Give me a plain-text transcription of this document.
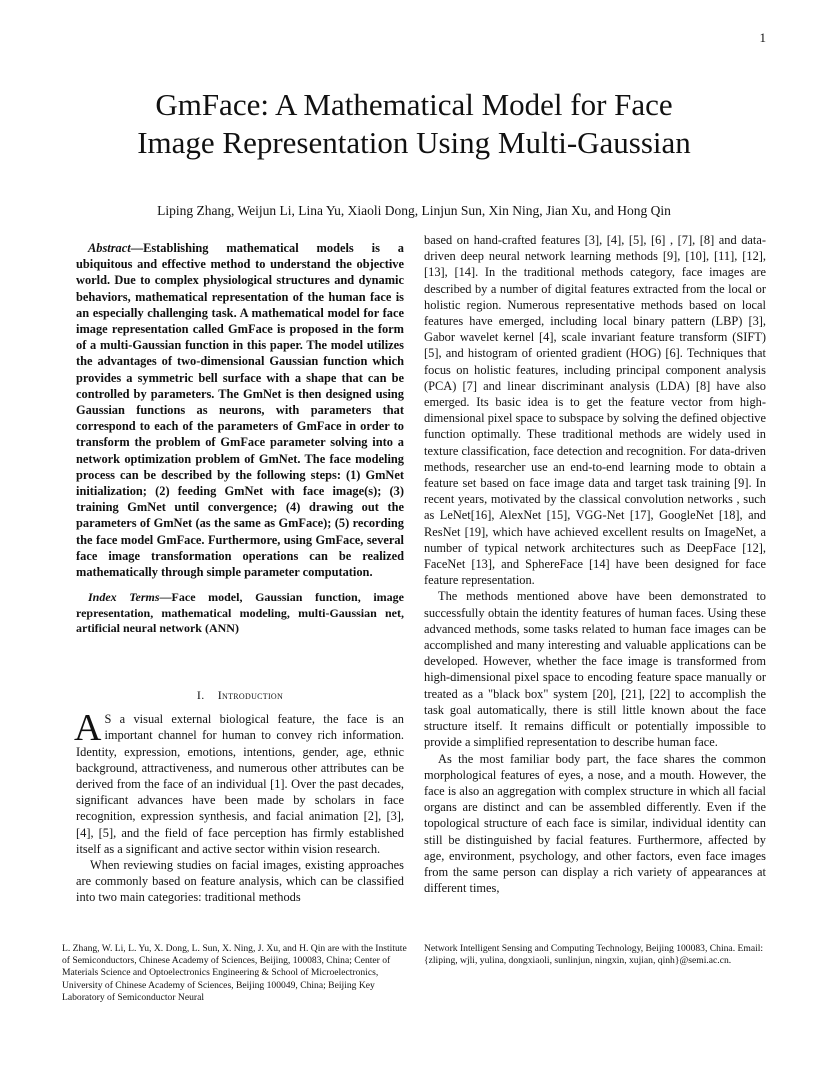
1
GmFace: A Mathematical Model for Face
Image Representation Using Multi-Gaussian
Liping Zhang, Weijun Li, Lina Yu, Xiaoli Dong, Linjun Sun, Xin Ning, Jian Xu, and Hong Qin

Abstract—Establishing mathematical models is a ubiquitous and effective method to understand the objective world. Due to complex physiological structures and dynamic behaviors, mathematical representation of the human face is an especially challenging task. A mathematical model for face image representation called GmFace is proposed in the form of a multi-Gaussian function in this paper. The model utilizes the advantages of two-dimensional Gaussian function which provides a symmetric bell surface with a shape that can be controlled by parameters. The GmNet is then designed using Gaussian functions as neurons, with parameters that correspond to each of the parameters of GmFace in order to transform the problem of GmFace parameter solving into a network optimization problem of GmNet. The face modeling process can be described by the following steps: (1) GmNet initialization; (2) feeding GmNet with face image(s); (3) training GmNet until convergence; (4) drawing out the parameters of GmNet (as the same as GmFace); (5) recording the face model GmFace. Furthermore, using GmFace, several face image transformation operations can be realized mathematically through simple parameter computation.

Index Terms—Face model, Gaussian function, image representation, mathematical modeling, multi-Gaussian net, artificial neural network (ANN)

I. Introduction

A S a visual external biological feature, the face is an important channel for human to convey rich information. Identity, expression, emotions, intentions, gender, age, ethnic background, attractiveness, and numerous other attributes can be derived from the face of an individual [1]. Over the past decades, significant advances have been made by scholars in face recognition, expression synthesis, and facial animation [2], [3], [4], [5], and the field of face perception has firmly established itself as a significant and active sector within vision research.

When reviewing studies on facial images, existing approaches are commonly based on feature analysis, which can be classified into two main categories: traditional methods

based on hand-crafted features [3], [4], [5], [6] , [7], [8] and data-driven deep neural network learning methods [9], [10], [11], [12], [13], [14]. In the traditional methods category, face images are described by a number of digital features extracted from the local or holistic region. Numerous representative methods based on local features have emerged, including local binary pattern (LBP) [3], Gabor wavelet kernel [4], scale invariant feature transform (SIFT) [5], and histogram of oriented gradient (HOG) [6]. Techniques that focus on holistic features, including principal component analysis (PCA) [7] and linear discriminant analysis (LDA) [8] have also emerged. Its basic idea is to get the feature vector from high-dimensional pixel space to subspace by solving the defined objective function optimally. These traditional methods are widely used in texture classification, face detection and recognition. For data-driven methods, researcher use an end-to-end learning mode to obtain a feature set based on face image data and target task training [9]. In recent years, motivated by the classical convolution networks , such as LeNet[16], AlexNet [15], VGG-Net [17], GoogleNet [18], and ResNet [19], which have achieved excellent results on ImageNet, a number of typical network architectures such as DeepFace [12], FaceNet [13], and SphereFace [14] have been designed for face feature representation.

The methods mentioned above have been demonstrated to successfully obtain the identity features of human faces. Using these advanced methods, some tasks related to human face images can be accomplished and many interesting and valuable applications can be developed. However, whether the face image is transformed from high-dimensional pixel space to encoding feature space manually or treated as a "black box" system [20], [21], [22] to accomplish the task goal automatically, there is still little known about the face structure itself. It remains difficult or potentially impossible to provide a simplified representation to describe human face.

As the most familiar body part, the face shares the common morphological features of eyes, a nose, and a mouth. However, the face is also an aggregation with complex structure in which all facial organs are distinct and can be assembled differently. Even if the topological structure of each face is similar, individual identity can still be distinguished by facial features. Furthermore, affected by age, environment, psychology, and other factors, even face images from the same person can display a rich variety of appearances at different times,

L. Zhang, W. Li, L. Yu, X. Dong, L. Sun, X. Ning, J. Xu, and H. Qin are with the Institute of Semiconductors, Chinese Academy of Sciences, Beijing, 100083, China; Center of Materials Science and Optoelectronics Engineering & School of Microelectronics, University of Chinese Academy of Sciences, Beijing 100049, China; Beijing Key Laboratory of Semiconductor Neural
Network Intelligent Sensing and Computing Technology, Beijing 100083, China. Email: {zliping, wjli, yulina, dongxiaoli, sunlinjun, ningxin, xujian, qinh}@semi.ac.cn.
